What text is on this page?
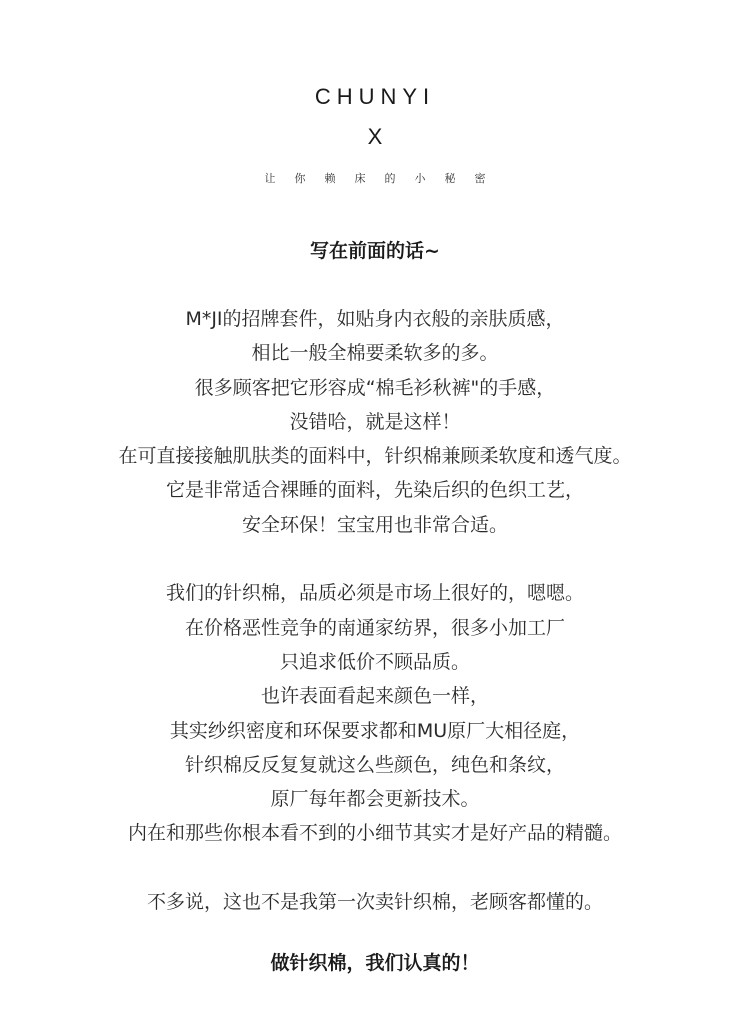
CHUNYI
X
让你赖床的小秘密
写在前面的话~
M*JI的招牌套件，如贴身内衣般的亲肤质感，
相比一般全棉要柔软多的多。
很多顾客把它形容成“棉毛衫秋裤"的手感，
没错哈，就是这样！
在可直接接触肌肤类的面料中，针织棉兼顾柔软度和透气度。
它是非常适合裸睡的面料，先染后织的色织工艺，
安全环保！宝宝用也非常合适。
我们的针织棉，品质必须是市场上很好的，嗯嗯。
在价格恶性竞争的南通家纺界，很多小加工厂
只追求低价不顾品质。
也许表面看起来颜色一样，
其实纱织密度和环保要求都和MU原厂大相径庭，
针织棉反反复复就这么些颜色，纯色和条纹，
原厂每年都会更新技术。
内在和那些你根本看不到的小细节其实才是好产品的精髓。
不多说，这也不是我第一次卖针织棉，老顾客都懂的。
做针织棉，我们认真的！
